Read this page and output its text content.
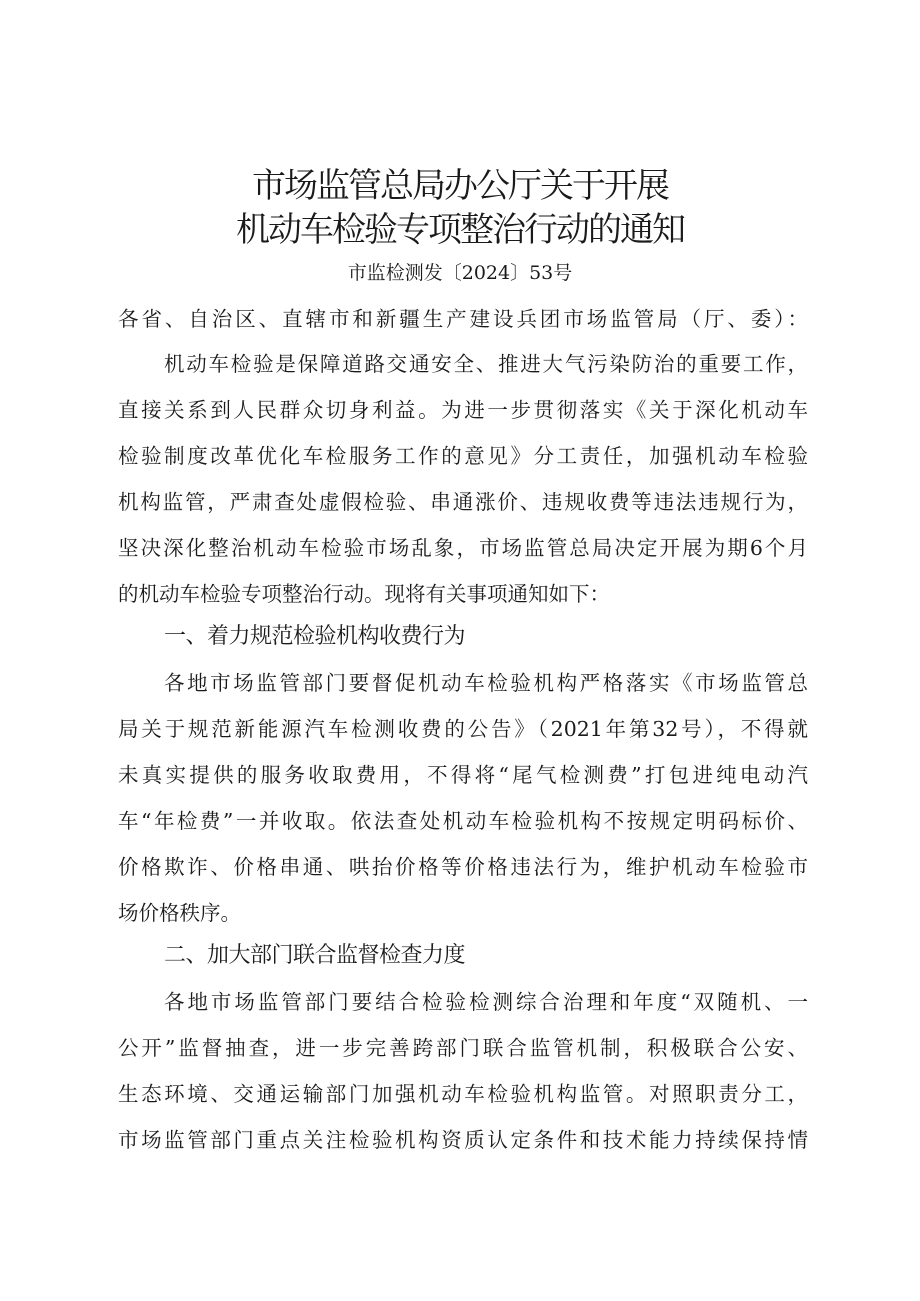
市场监管总局办公厅关于开展
机动车检验专项整治行动的通知
市监检测发〔2024〕53号
各省、自治区、直辖市和新疆生产建设兵团市场监管局（厅、委）：
机动车检验是保障道路交通安全、推进大气污染防治的重要工作，
直接关系到人民群众切身利益。为进一步贯彻落实《关于深化机动车
检验制度改革优化车检服务工作的意见》分工责任，加强机动车检验
机构监管，严肃查处虚假检验、串通涨价、违规收费等违法违规行为，
坚决深化整治机动车检验市场乱象，市场监管总局决定开展为期6个月
的机动车检验专项整治行动。现将有关事项通知如下：
一、着力规范检验机构收费行为
各地市场监管部门要督促机动车检验机构严格落实《市场监管总
局关于规范新能源汽车检测收费的公告》（2021年第32号），不得就
未真实提供的服务收取费用，不得将“尾气检测费”打包进纯电动汽
车“年检费”一并收取。依法查处机动车检验机构不按规定明码标价、
价格欺诈、价格串通、哄抬价格等价格违法行为，维护机动车检验市
场价格秩序。
二、加大部门联合监督检查力度
各地市场监管部门要结合检验检测综合治理和年度“双随机、一
公开”监督抽查，进一步完善跨部门联合监管机制，积极联合公安、
生态环境、交通运输部门加强机动车检验机构监管。对照职责分工，
市场监管部门重点关注检验机构资质认定条件和技术能力持续保持情
